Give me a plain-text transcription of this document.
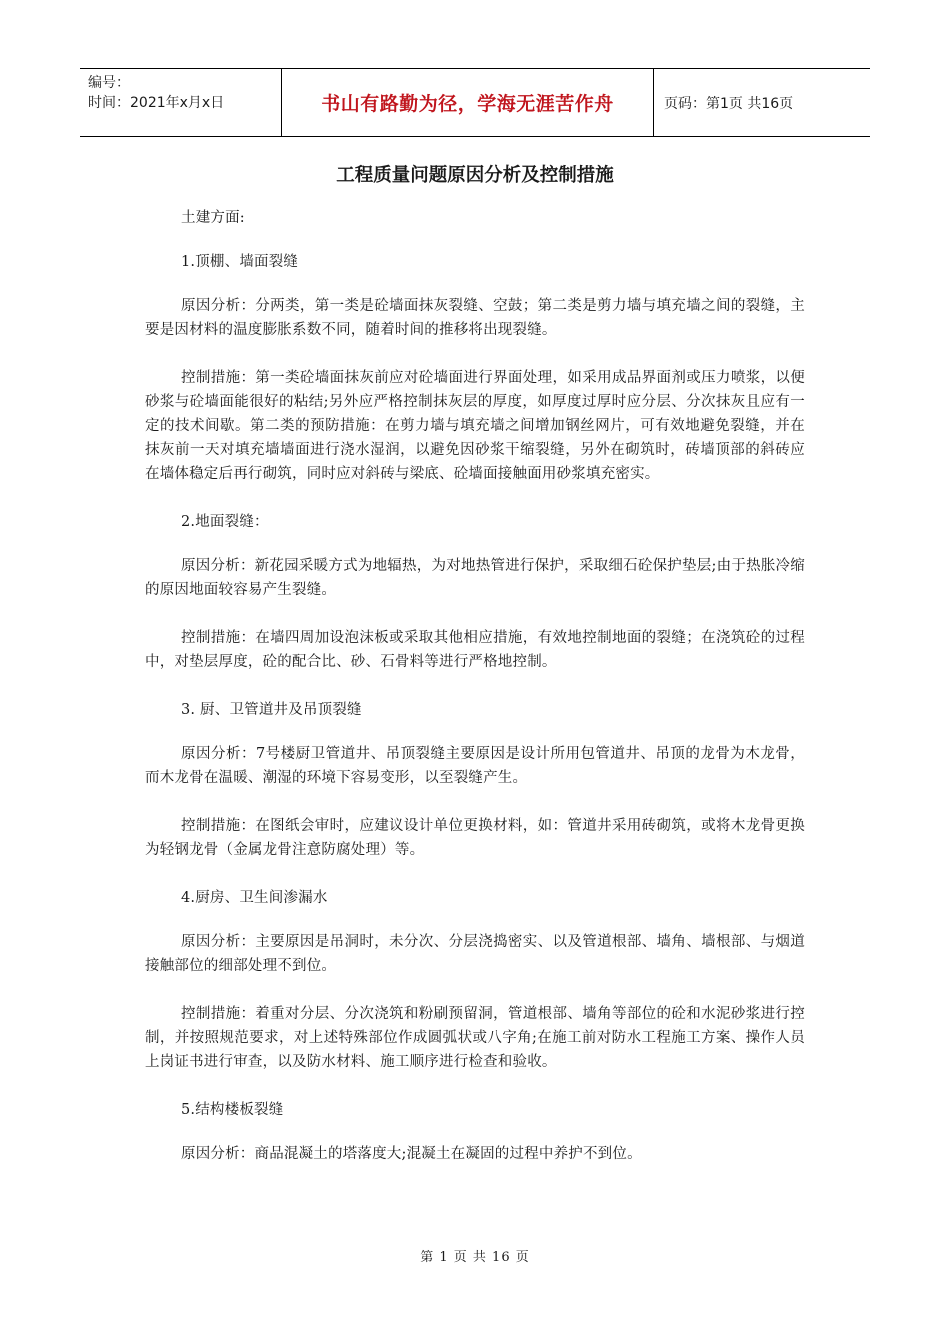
编号：
时间：2021年x月x日	书山有路勤为径，学海无涯苦作舟	页码：第1页 共16页
工程质量问题原因分析及控制措施

土建方面:

1.顶棚、墙面裂缝

原因分析：分两类，第一类是砼墙面抹灰裂缝、空鼓；第二类是剪力墙与填充墙之间的裂缝，主要是因材料的温度膨胀系数不同，随着时间的推移将出现裂缝。

控制措施：第一类砼墙面抹灰前应对砼墙面进行界面处理，如采用成品界面剂或压力喷浆，以便砂浆与砼墙面能很好的粘结;另外应严格控制抹灰层的厚度，如厚度过厚时应分层、分次抹灰且应有一定的技术间歇。第二类的预防措施：在剪力墙与填充墙之间增加钢丝网片，可有效地避免裂缝，并在抹灰前一天对填充墙墙面进行浇水湿润，以避免因砂浆干缩裂缝，另外在砌筑时，砖墙顶部的斜砖应在墙体稳定后再行砌筑，同时应对斜砖与梁底、砼墙面接触面用砂浆填充密实。

2.地面裂缝：

原因分析：新花园采暖方式为地辐热，为对地热管进行保护，采取细石砼保护垫层;由于热胀冷缩的原因地面较容易产生裂缝。

控制措施：在墙四周加设泡沫板或采取其他相应措施，有效地控制地面的裂缝；在浇筑砼的过程中，对垫层厚度，砼的配合比、砂、石骨料等进行严格地控制。

3. 厨、卫管道井及吊顶裂缝

原因分析：7号楼厨卫管道井、吊顶裂缝主要原因是设计所用包管道井、吊顶的龙骨为木龙骨，而木龙骨在温暖、潮湿的环境下容易变形，以至裂缝产生。

控制措施：在图纸会审时，应建议设计单位更换材料，如：管道井采用砖砌筑，或将木龙骨更换为轻钢龙骨（金属龙骨注意防腐处理）等。

4.厨房、卫生间渗漏水

原因分析：主要原因是吊洞时，未分次、分层浇捣密实、以及管道根部、墙角、墙根部、与烟道接触部位的细部处理不到位。

控制措施：着重对分层、分次浇筑和粉刷预留洞，管道根部、墙角等部位的砼和水泥砂浆进行控制，并按照规范要求，对上述特殊部位作成圆弧状或八字角;在施工前对防水工程施工方案、操作人员上岗证书进行审查，以及防水材料、施工顺序进行检查和验收。

5.结构楼板裂缝

原因分析：商品混凝土的塔落度大;混凝土在凝固的过程中养护不到位。

第 1 页 共 16 页
